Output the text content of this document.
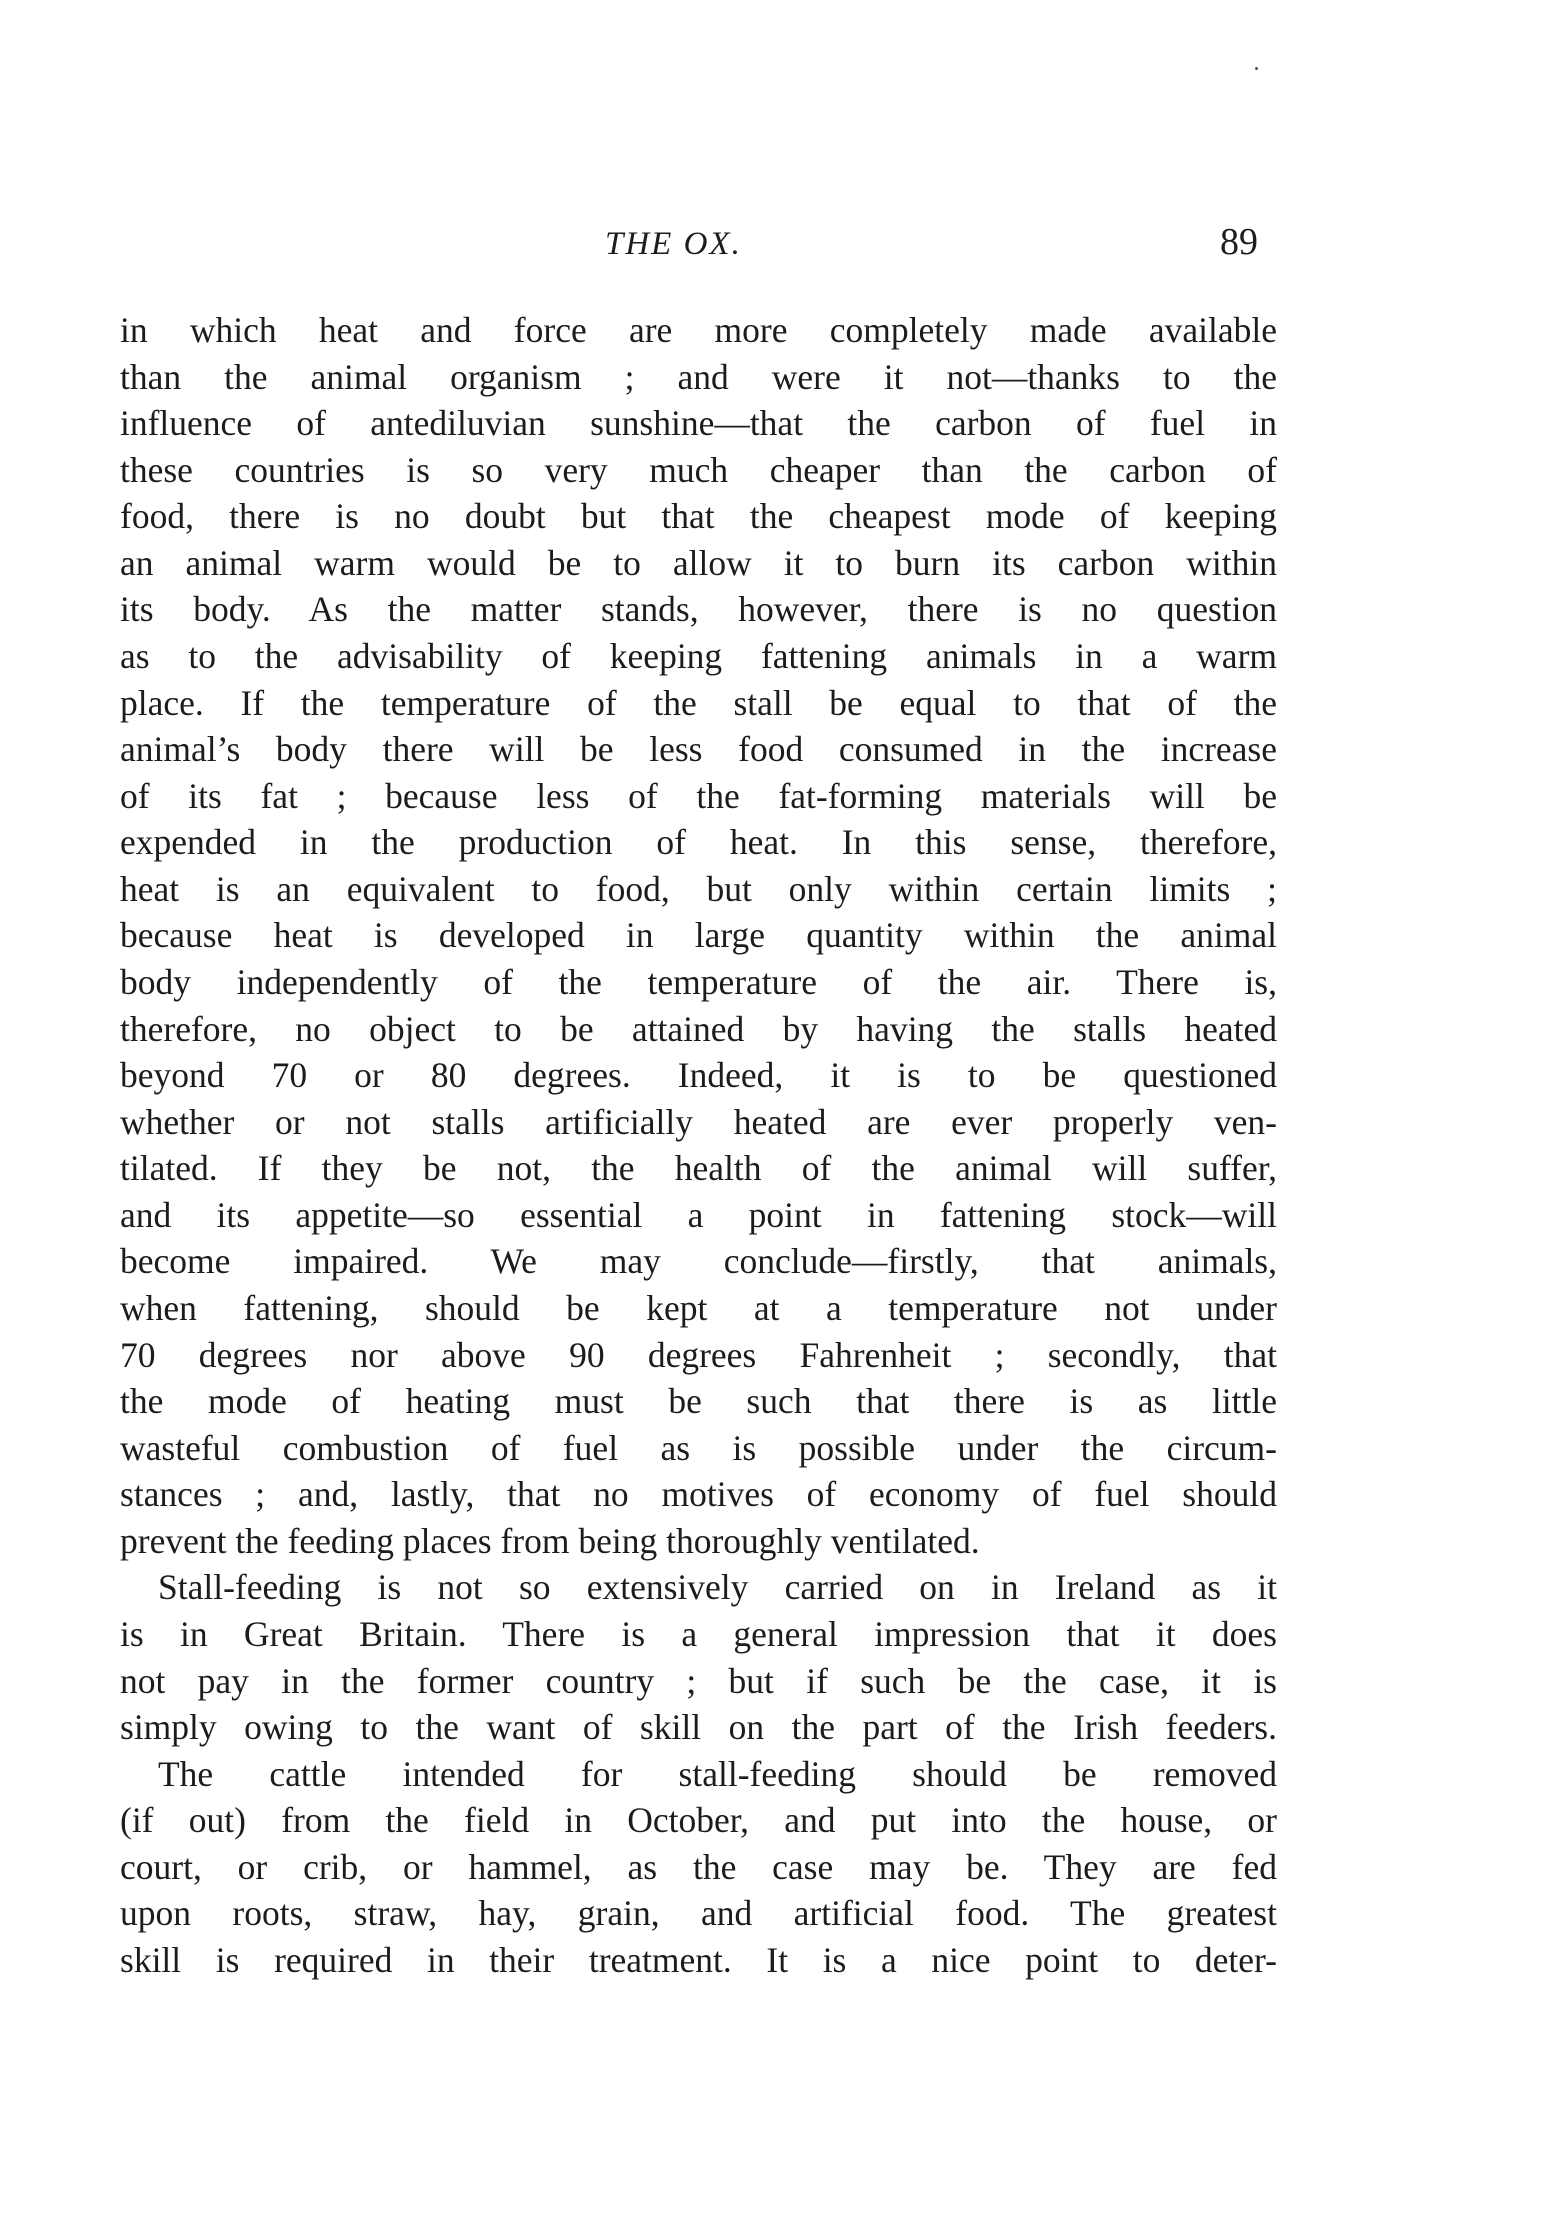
THE OX.	89
in which heat and force are more completely made available
than the animal organism ; and were it not—thanks to the
influence of antediluvian sunshine—that the carbon of fuel in
these countries is so very much cheaper than the carbon of
food, there is no doubt but that the cheapest mode of keeping
an animal warm would be to allow it to burn its carbon within
its body. As the matter stands, however, there is no question
as to the advisability of keeping fattening animals in a warm
place. If the temperature of the stall be equal to that of the
animal’s body there will be less food consumed in the increase
of its fat ; because less of the fat-forming materials will be
expended in the production of heat. In this sense, therefore,
heat is an equivalent to food, but only within certain limits ;
because heat is developed in large quantity within the animal
body independently of the temperature of the air. There is,
therefore, no object to be attained by having the stalls heated
beyond 70 or 80 degrees. Indeed, it is to be questioned
whether or not stalls artificially heated are ever properly ven-
tilated. If they be not, the health of the animal will suffer,
and its appetite—so essential a point in fattening stock—will
become impaired. We may conclude—firstly, that animals,
when fattening, should be kept at a temperature not under
70 degrees nor above 90 degrees Fahrenheit ; secondly, that
the mode of heating must be such that there is as little
wasteful combustion of fuel as is possible under the circum-
stances ; and, lastly, that no motives of economy of fuel should
prevent the feeding places from being thoroughly ventilated.
Stall-feeding is not so extensively carried on in Ireland as it
is in Great Britain. There is a general impression that it does
not pay in the former country ; but if such be the case, it is
simply owing to the want of skill on the part of the Irish feeders.
The cattle intended for stall-feeding should be removed
(if out) from the field in October, and put into the house, or
court, or crib, or hammel, as the case may be. They are fed
upon roots, straw, hay, grain, and artificial food. The greatest
skill is required in their treatment. It is a nice point to deter-
